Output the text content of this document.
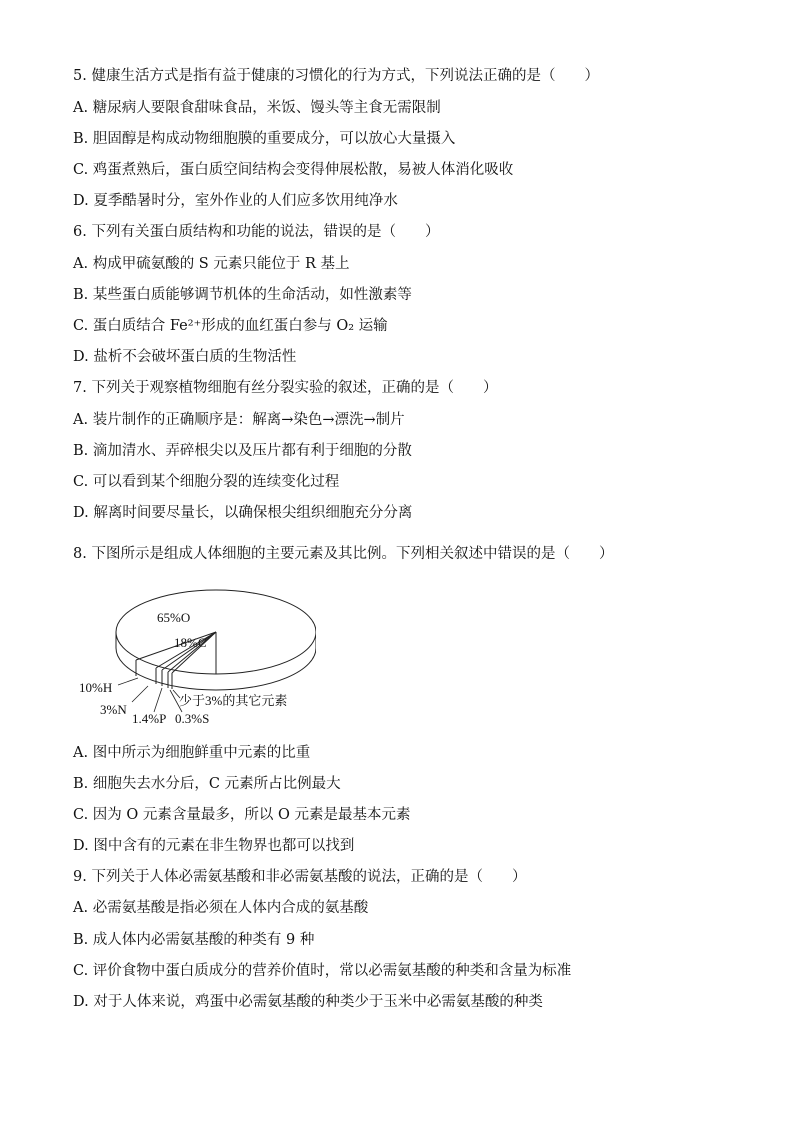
5. 健康生活方式是指有益于健康的习惯化的行为方式，下列说法正确的是（　　）
A. 糖尿病人要限食甜味食品，米饭、馒头等主食无需限制
B. 胆固醇是构成动物细胞膜的重要成分，可以放心大量摄入
C. 鸡蛋煮熟后，蛋白质空间结构会变得伸展松散，易被人体消化吸收
D. 夏季酷暑时分，室外作业的人们应多饮用纯净水
6. 下列有关蛋白质结构和功能的说法，错误的是（　　）
A. 构成甲硫氨酸的 S 元素只能位于 R 基上
B. 某些蛋白质能够调节机体的生命活动，如性激素等
C. 蛋白质结合 Fe²⁺形成的血红蛋白参与 O₂ 运输
D. 盐析不会破坏蛋白质的生物活性
7. 下列关于观察植物细胞有丝分裂实验的叙述，正确的是（　　）
A. 装片制作的正确顺序是：解离→染色→漂洗→制片
B. 滴加清水、弄碎根尖以及压片都有利于细胞的分散
C. 可以看到某个细胞分裂的连续变化过程
D. 解离时间要尽量长，以确保根尖组织细胞充分分离
8. 下图所示是组成人体细胞的主要元素及其比例。下列相关叙述中错误的是（　　）
65%O
18%C
10%H
3%N
1.4%P 0.3%S
少于3%的其它元素
A. 图中所示为细胞鲜重中元素的比重
B. 细胞失去水分后，C 元素所占比例最大
C. 因为 O 元素含量最多，所以 O 元素是最基本元素
D. 图中含有的元素在非生物界也都可以找到
9. 下列关于人体必需氨基酸和非必需氨基酸的说法，正确的是（　　）
A. 必需氨基酸是指必须在人体内合成的氨基酸
B. 成人体内必需氨基酸的种类有 9 种
C. 评价食物中蛋白质成分的营养价值时，常以必需氨基酸的种类和含量为标准
D. 对于人体来说，鸡蛋中必需氨基酸的种类少于玉米中必需氨基酸的种类
